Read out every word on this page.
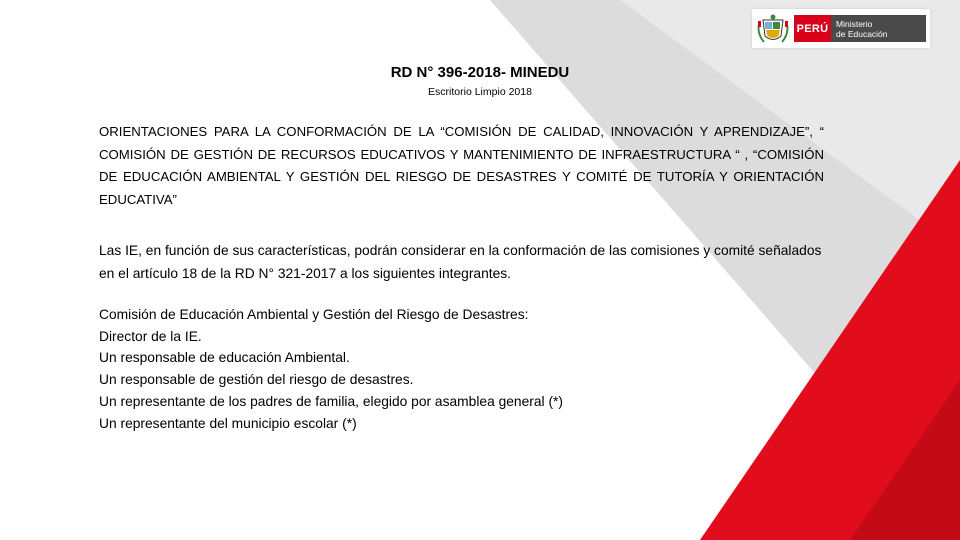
PERÚ Ministerio
de Educación
RD N° 396-2018- MINEDU
Escritorio Limpio 2018
ORIENTACIONES PARA LA CONFORMACIÓN DE LA “COMISIÓN DE CALIDAD, INNOVACIÓN Y APRENDIZAJE”, “ COMISIÓN DE GESTIÓN DE RECURSOS EDUCATIVOS Y MANTENIMIENTO DE INFRAESTRUCTURA “ , “COMISIÓN DE EDUCACIÓN AMBIENTAL Y GESTIÓN DEL RIESGO DE DESASTRES Y COMITÉ DE TUTORÍA Y ORIENTACIÓN EDUCATIVA”
Las IE, en función de sus características, podrán considerar en la conformación de las comisiones y comité señalados en el artículo 18 de la RD N° 321-2017 a los siguientes integrantes.
Comisión de Educación Ambiental y Gestión del Riesgo de Desastres:
Director de la IE.
Un responsable de educación Ambiental.
Un responsable de gestión del riesgo de desastres.
Un representante de los padres de familia, elegido por asamblea general (*)
Un representante del municipio escolar (*)
